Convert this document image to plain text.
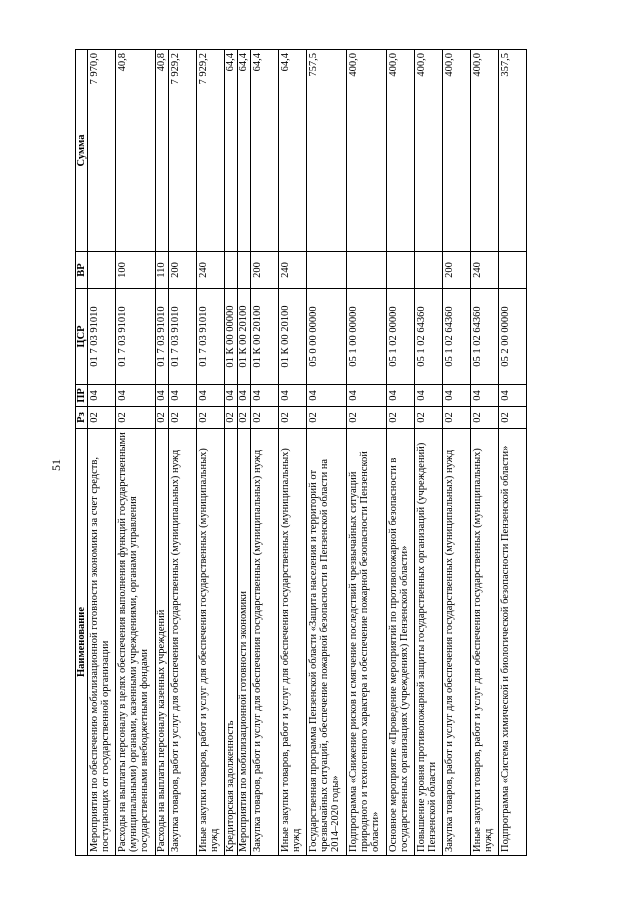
51
Наименование	Рз	ПР	ЦСР	ВР	Сумма
Мероприятия по обеспечению мобилизационной готовности экономики за счет средств, поступающих от государственной организации	02	04	01 7 03 91010		7 970,0
Расходы на выплаты персоналу в целях обеспечения выполнения функций государственными (муниципальными) органами, казенными учреждениями, органами управления государственными внебюджетными фондами	02	04	01 7 03 91010	100	40,8
Расходы на выплаты персоналу казенных учреждений	02	04	01 7 03 91010	110	40,8
Закупка товаров, работ и услуг для обеспечения государственных (муниципальных) нужд	02	04	01 7 03 91010	200	7 929,2
Иные закупки товаров, работ и услуг для обеспечения государственных (муниципальных) нужд	02	04	01 7 03 91010	240	7 929,2
Кредиторская задолженность	02	04	01 К 00 00000		64,4
Мероприятия по мобилизационной готовности экономики	02	04	01 К 00 20100		64,4
Закупка товаров, работ и услуг для обеспечения государственных (муниципальных) нужд	02	04	01 К 00 20100	200	64,4
Иные закупки товаров, работ и услуг для обеспечения государственных (муниципальных) нужд	02	04	01 К 00 20100	240	64,4
Государственная программа Пензенской области «Защита населения и территорий от чрезвычайных ситуаций, обеспечение пожарной безопасности в Пензенской области на 2014–2020 годы»	02	04	05 0 00 00000		757,5
Подпрограмма «Снижение рисков и смягчение последствий чрезвычайных ситуаций природного и техногенного характера и обеспечение пожарной безопасности Пензенской области»	02	04	05 1 00 00000		400,0
Основное мероприятие «Проведение мероприятий по противопожарной безопасности в государственных организациях (учреждениях) Пензенской области»	02	04	05 1 02 00000		400,0
Повышение уровня противопожарной защиты государственных организаций (учреждений) Пензенской области	02	04	05 1 02 64360		400,0
Закупка товаров, работ и услуг для обеспечения государственных (муниципальных) нужд	02	04	05 1 02 64360	200	400,0
Иные закупки товаров, работ и услуг для обеспечения государственных (муниципальных) нужд	02	04	05 1 02 64360	240	400,0
Подпрограмма «Система химической и биологической безопасности Пензенской области»	02	04	05 2 00 00000		357,5
